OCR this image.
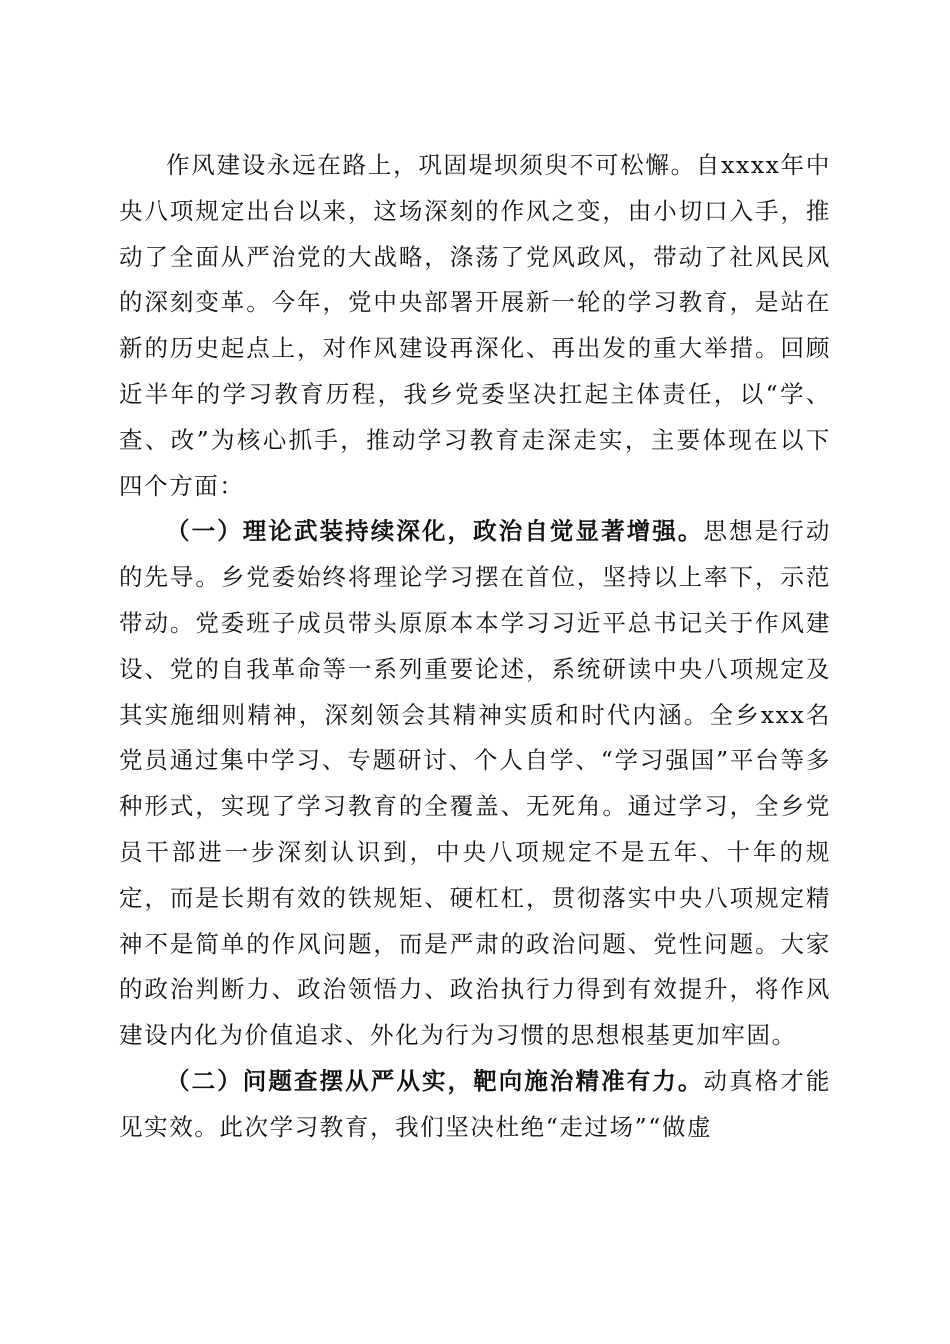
作风建设永远在路上，巩固堤坝须臾不可松懈。自xxxx年中央八项规定出台以来，这场深刻的作风之变，由小切口入手，推动了全面从严治党的大战略，涤荡了党风政风，带动了社风民风的深刻变革。今年，党中央部署开展新一轮的学习教育，是站在新的历史起点上，对作风建设再深化、再出发的重大举措。回顾近半年的学习教育历程，我乡党委坚决扛起主体责任，以“学、查、改”为核心抓手，推动学习教育走深走实，主要体现在以下四个方面：

（一）理论武装持续深化，政治自觉显著增强。思想是行动的先导。乡党委始终将理论学习摆在首位，坚持以上率下，示范带动。党委班子成员带头原原本本学习习近平总书记关于作风建设、党的自我革命等一系列重要论述，系统研读中央八项规定及其实施细则精神，深刻领会其精神实质和时代内涵。全乡xxx名党员通过集中学习、专题研讨、个人自学、“学习强国”平台等多种形式，实现了学习教育的全覆盖、无死角。通过学习，全乡党员干部进一步深刻认识到，中央八项规定不是五年、十年的规定，而是长期有效的铁规矩、硬杠杠，贯彻落实中央八项规定精神不是简单的作风问题，而是严肃的政治问题、党性问题。大家的政治判断力、政治领悟力、政治执行力得到有效提升，将作风建设内化为价值追求、外化为行为习惯的思想根基更加牢固。

（二）问题查摆从严从实，靶向施治精准有力。动真格才能见实效。此次学习教育，我们坚决杜绝“走过场”“做虚
